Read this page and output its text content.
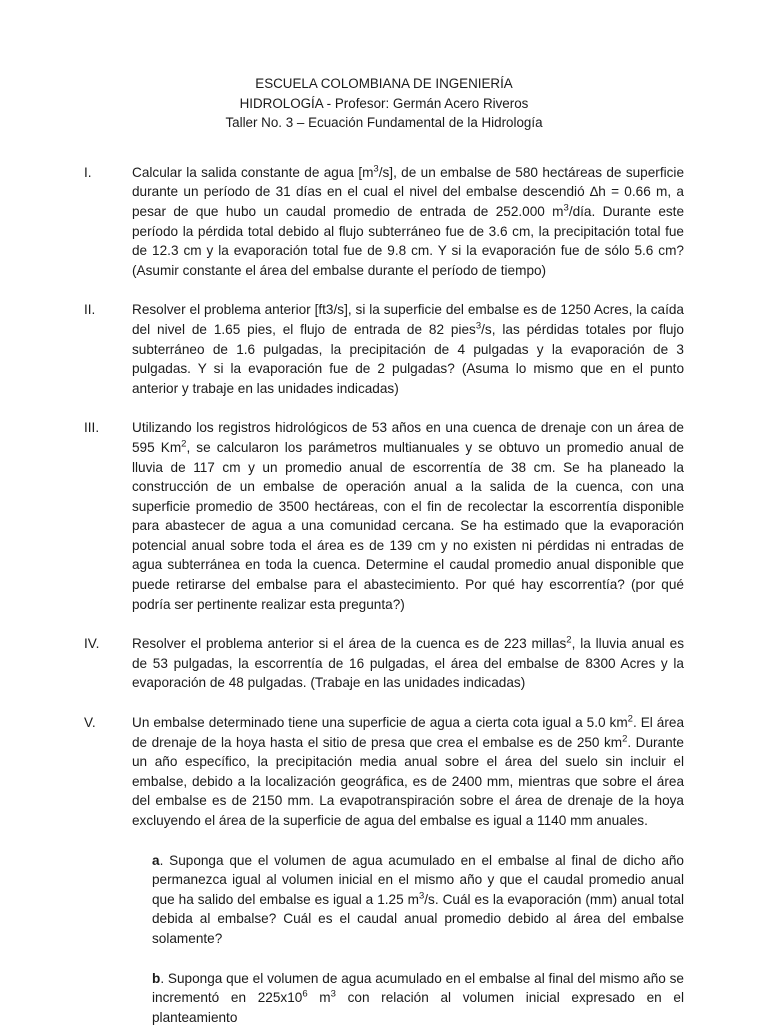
ESCUELA COLOMBIANA DE INGENIERÍA
HIDROLOGÍA - Profesor: Germán Acero Riveros
Taller No. 3 – Ecuación Fundamental de la Hidrología
I.	Calcular la salida constante de agua $[m^3/s]$, de un embalse de 580 hectáreas de superficie durante un período de 31 días en el cual el nivel del embalse descendió ∆h = 0.66 m, a pesar de que hubo un caudal promedio de entrada de 252.000 $m^3$/día. Durante este período la pérdida total debido al flujo subterráneo fue de 3.6 cm, la precipitación total fue de 12.3 cm y la evaporación total fue de 9.8 cm. Y si la evaporación fue de sólo 5.6 cm? (Asumir constante el área del embalse durante el período de tiempo)
II.	Resolver el problema anterior [ft3/s], si la superficie del embalse es de 1250 Acres, la caída del nivel de 1.65 pies, el flujo de entrada de 82 pies$^3$/s, las pérdidas totales por flujo subterráneo de 1.6 pulgadas, la precipitación de 4 pulgadas y la evaporación de 3 pulgadas. Y si la evaporación fue de 2 pulgadas? (Asuma lo mismo que en el punto anterior y trabaje en las unidades indicadas)
III.	Utilizando los registros hidrológicos de 53 años en una cuenca de drenaje con un área de 595 Km$^2$, se calcularon los parámetros multianuales y se obtuvo un promedio anual de lluvia de 117 cm y un promedio anual de escorrentía de 38 cm. Se ha planeado la construcción de un embalse de operación anual a la salida de la cuenca, con una superficie promedio de 3500 hectáreas, con el fin de recolectar la escorrentía disponible para abastecer de agua a una comunidad cercana. Se ha estimado que la evaporación potencial anual sobre toda el área es de 139 cm y no existen ni pérdidas ni entradas de agua subterránea en toda la cuenca. Determine el caudal promedio anual disponible que puede retirarse del embalse para el abastecimiento. Por qué hay escorrentía? (por qué podría ser pertinente realizar esta pregunta?)
IV.	Resolver el problema anterior si el área de la cuenca es de 223 millas$^2$, la lluvia anual es de 53 pulgadas, la escorrentía de 16 pulgadas, el área del embalse de 8300 Acres y la evaporación de 48 pulgadas. (Trabaje en las unidades indicadas)
V.	Un embalse determinado tiene una superficie de agua a cierta cota igual a 5.0 $km^2$. El área de drenaje de la hoya hasta el sitio de presa que crea el embalse es de 250 $km^2$. Durante un año específico, la precipitación media anual sobre el área del suelo sin incluir el embalse, debido a la localización geográfica, es de 2400 mm, mientras que sobre el área del embalse es de 2150 mm. La evapotranspiración sobre el área de drenaje de la hoya excluyendo el área de la superficie de agua del embalse es igual a 1140 mm anuales.
a. Suponga que el volumen de agua acumulado en el embalse al final de dicho año permanezca igual al volumen inicial en el mismo año y que el caudal promedio anual que ha salido del embalse es igual a 1.25 $m^3/s$. Cuál es la evaporación (mm) anual total debida al embalse? Cuál es el caudal anual promedio debido al área del embalse solamente?
b. Suponga que el volumen de agua acumulado en el embalse al final del mismo año se incrementó en $225x10^6$ $m^3$ con relación al volumen inicial expresado en el planteamiento
